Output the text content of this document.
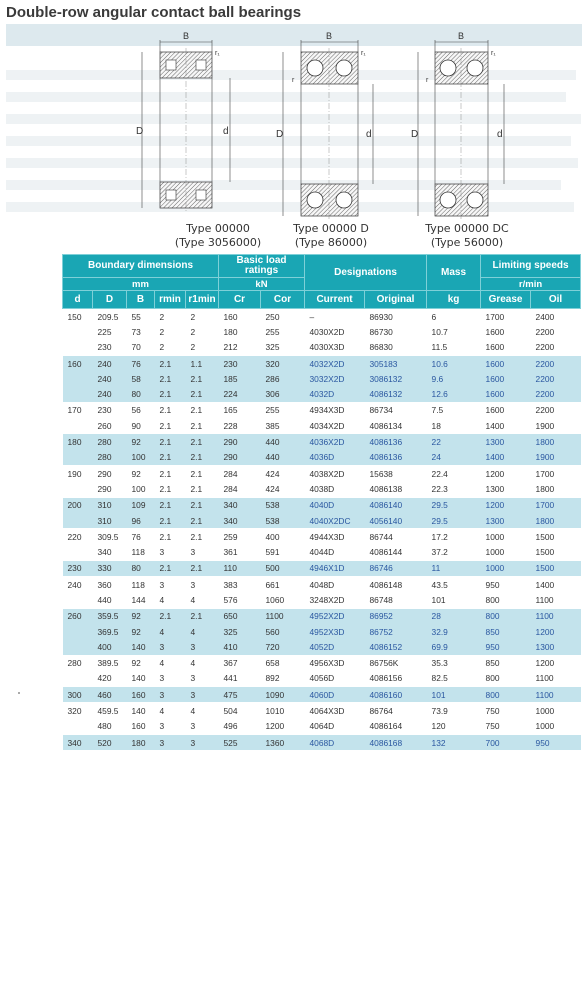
Double-row angular contact ball bearings
B
r₁
D	d
B
r₁
D	d
r
B
r₁
D	d
r
Type 00000
(Type 3056000)
Type 00000 D
(Type 86000)
Type 00000 DC
(Type 56000)
Boundary dimensions					Basic load ratings		Designations		Mass	Limiting speeds	
mm					kN					r/min	
d	D	B	rmin	r1min	Cr	Cor	Current	Original	kg	Grease	Oil
150	209.5	55	2	2	160	250	–	86930	6	1700	2400
	225	73	2	2	180	255	4030X2D	86730	10.7	1600	2200
	230	70	2	2	212	325	4030X3D	86830	11.5	1600	2200
160	240	76	2.1	1.1	230	320	4032X2D	305183	10.6	1600	2200
	240	58	2.1	2.1	185	286	3032X2D	3086132	9.6	1600	2200
	240	80	2.1	2.1	224	306	4032D	4086132	12.6	1600	2200
170	230	56	2.1	2.1	165	255	4934X3D	86734	7.5	1600	2200
	260	90	2.1	2.1	228	385	4034X2D	4086134	18	1400	1900
180	280	92	2.1	2.1	290	440	4036X2D	4086136	22	1300	1800
	280	100	2.1	2.1	290	440	4036D	4086136	24	1400	1900
190	290	92	2.1	2.1	284	424	4038X2D	15638	22.4	1200	1700
	290	100	2.1	2.1	284	424	4038D	4086138	22.3	1300	1800
200	310	109	2.1	2.1	340	538	4040D	4086140	29.5	1200	1700
	310	96	2.1	2.1	340	538	4040X2DC	4056140	29.5	1300	1800
220	309.5	76	2.1	2.1	259	400	4944X3D	86744	17.2	1000	1500
	340	118	3	3	361	591	4044D	4086144	37.2	1000	1500
230	330	80	2.1	2.1	110	500	4946X1D	86746	11	1000	1500
240	360	118	3	3	383	661	4048D	4086148	43.5	950	1400
	440	144	4	4	576	1060	3248X2D	86748	101	800	1100
260	359.5	92	2.1	2.1	650	1100	4952X2D	86952	28	800	1100
	369.5	92	4	4	325	560	4952X3D	86752	32.9	850	1200
	400	140	3	3	410	720	4052D	4086152	69.9	950	1300
280	389.5	92	4	4	367	658	4956X3D	86756K	35.3	850	1200
	420	140	3	3	441	892	4056D	4086156	82.5	800	1100
300	460	160	3	3	475	1090	4060D	4086160	101	800	1100
320	459.5	140	4	4	504	1010	4064X3D	86764	73.9	750	1000
	480	160	3	3	496	1200	4064D	4086164	120	750	1000
340	520	180	3	3	525	1360	4068D	4086168	132	700	950
